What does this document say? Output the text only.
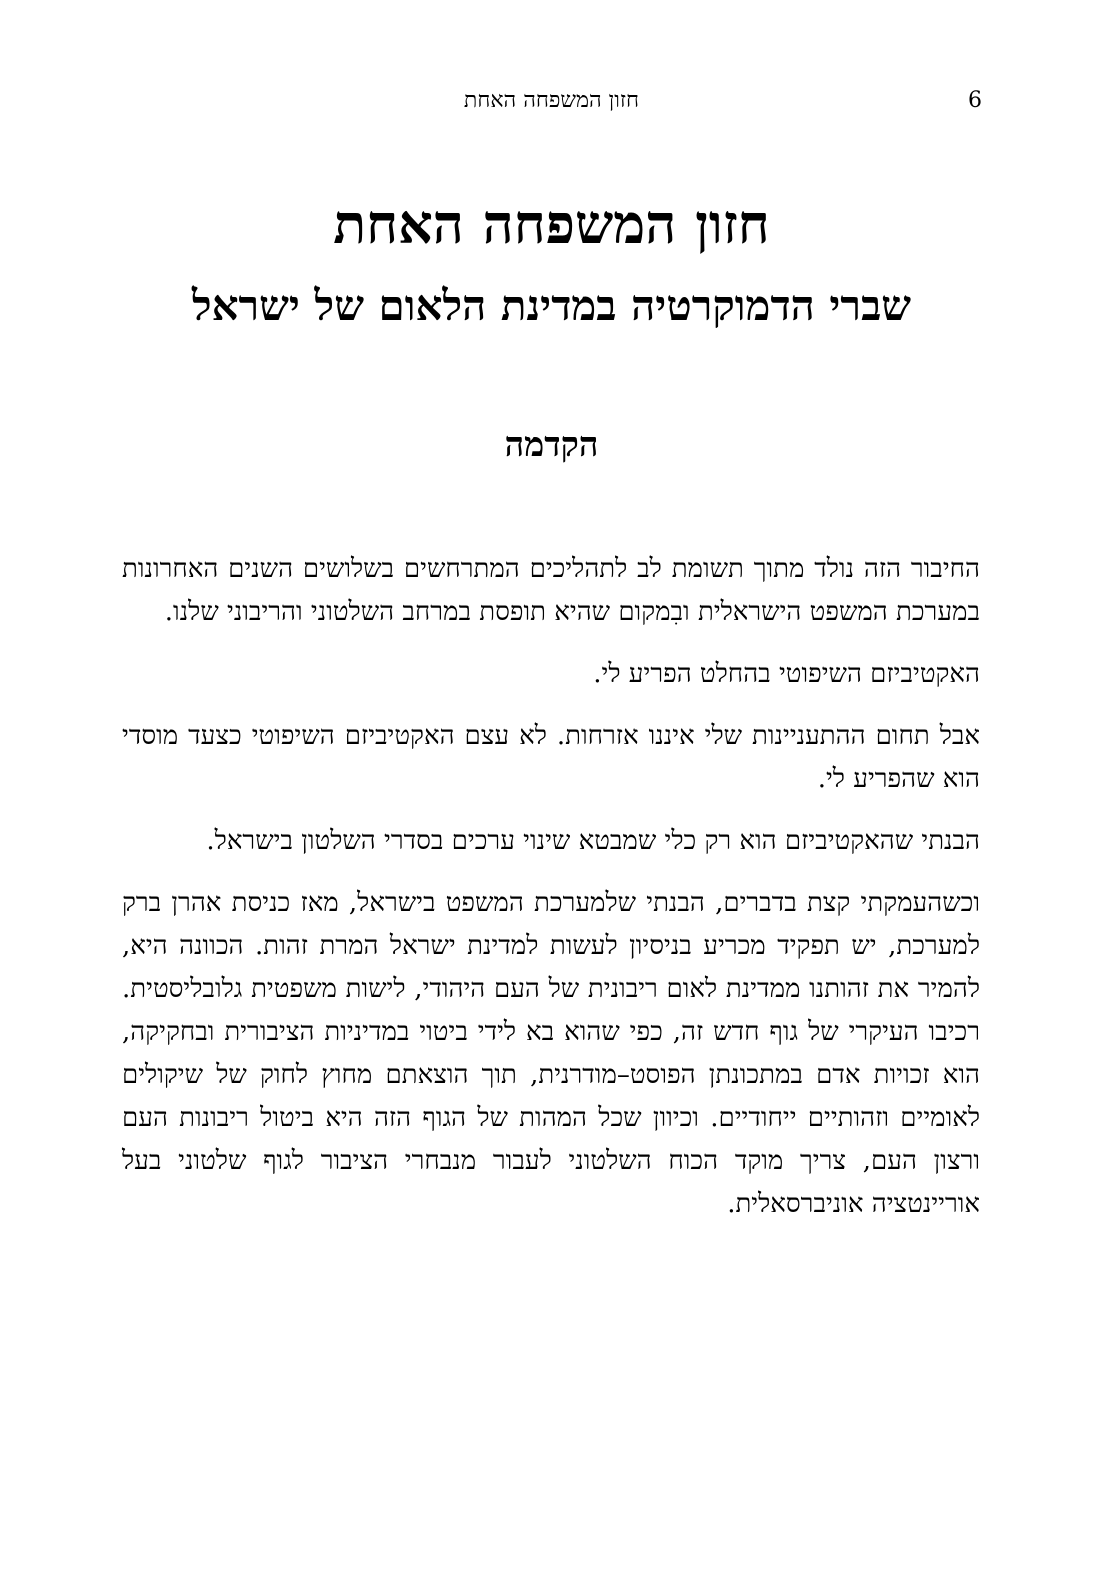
6
חזון המשפחה האחת
חזון המשפחה האחת
שברי הדמוקרטיה במדינת הלאום של ישראל
הקדמה

החיבור הזה נולד מתוך תשומת לב לתהליכים המתרחשים בשלושים השנים האחרונות במערכת המשפט הישראלית ובִמקום שהיא תופסת במרחב השלטוני והריבוני שלנו.

האקטיביזם השיפוטי בהחלט הפריע לי.

אבל תחום ההתעניינות שלי איננו אזרחות. לא עצם האקטיביזם השיפוטי כצעד מוסדי הוא שהפריע לי.

הבנתי שהאקטיביזם הוא רק כלי שמבטא שינוי ערכים בסדרי השלטון בישראל.

וכשהעמקתי קצת בדברים, הבנתי שלמערכת המשפט בישראל, מאז כניסת אהרן ברק למערכת, יש תפקיד מכריע בניסיון לעשות למדינת ישראל המרת זהות. הכוונה היא, להמיר את זהותנו ממדינת לאום ריבונית של העם היהודי, לישות משפטית גלובליסטית. רכיבו העיקרי של גוף חדש זה, כפי שהוא בא לידי ביטוי במדיניות הציבורית ובחקיקה, הוא זכויות אדם במתכונתן הפוסט–מודרנית, תוך הוצאתם מחוץ לחוק של שיקולים לאומיים וזהותיים ייחודיים. וכיוון שכל המהות של הגוף הזה היא ביטול ריבונות העם ורצון העם, צריך מוקד הכוח השלטוני לעבור מנבחרי הציבור לגוף שלטוני בעל אוריינטציה אוניברסאלית.
